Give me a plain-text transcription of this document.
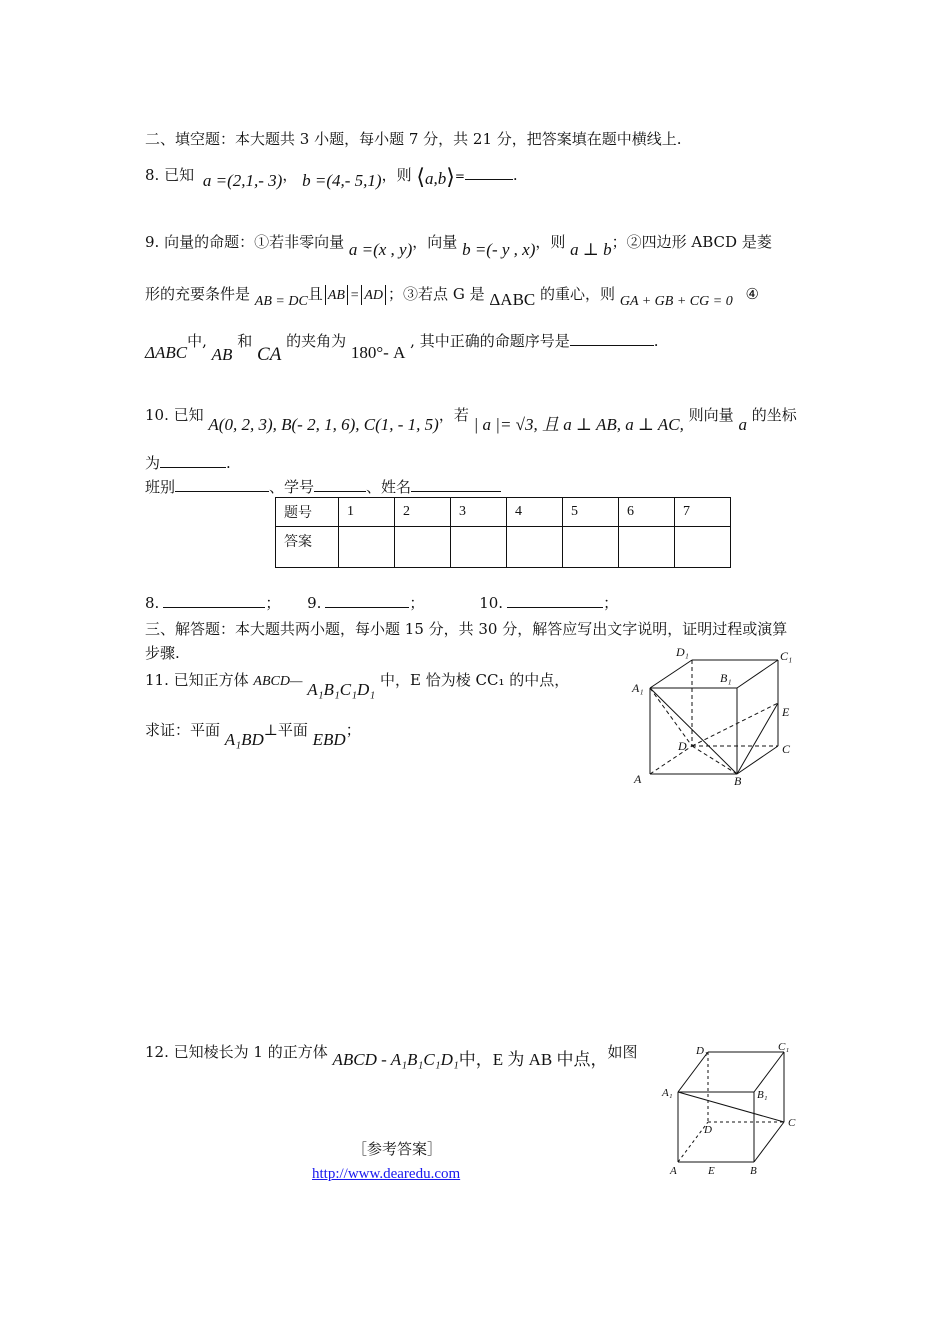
二、填空题：本大题共 3 小题，每小题 7 分，共 21 分，把答案填在题中横线上.
8. 已知 a =(2,1,- 3)， b =(4,- 5,1)，则 ⟨a,b⟩=	.
9. 向量的命题：①若非零向量 a =(x , y)，向量 b =(- y , x)，则 a ⊥ b；②四边形 ABCD 是菱
形的充要条件是 AB = DC且 AB = AD ；③若点 G 是 ΔABC 的重心，则 GA + GB + CG = 0 ④
ΔABC中, AB 和 CA 的夹角为 180°- A , 其中正确的命题序号是	.
10. 已知 A(0, 2, 3), B(- 2, 1, 6), C(1, - 1, 5)，若 | a |= √3, 且 a ⊥ AB, a ⊥ AC, 则向量 a 的坐标
为	.
班别	、学号	、姓名
题号	1	2	3	4	5	6	7
答案							
8.	； 9.	；	10.	；
三、解答题：本大题共两小题，每小题 15 分，共 30 分，解答应写出文字说明，证明过程或演算
步骤.
11. 已知正方体 ABCD— A₁B₁C₁D₁ 中，E 恰为棱 CC₁ 的中点，
求证：平面 A₁BD⊥平面 EBD；
D₁
B₁
C₁
A₁
E
D	C
A	B
12. 已知棱长为 1 的正方体 ABCD - A₁B₁C₁D₁中，E 为 AB 中点，如图	D₁	C₁
A₁	B₁
D
C
A	E	B
［参考答案］
http://www.dearedu.com
